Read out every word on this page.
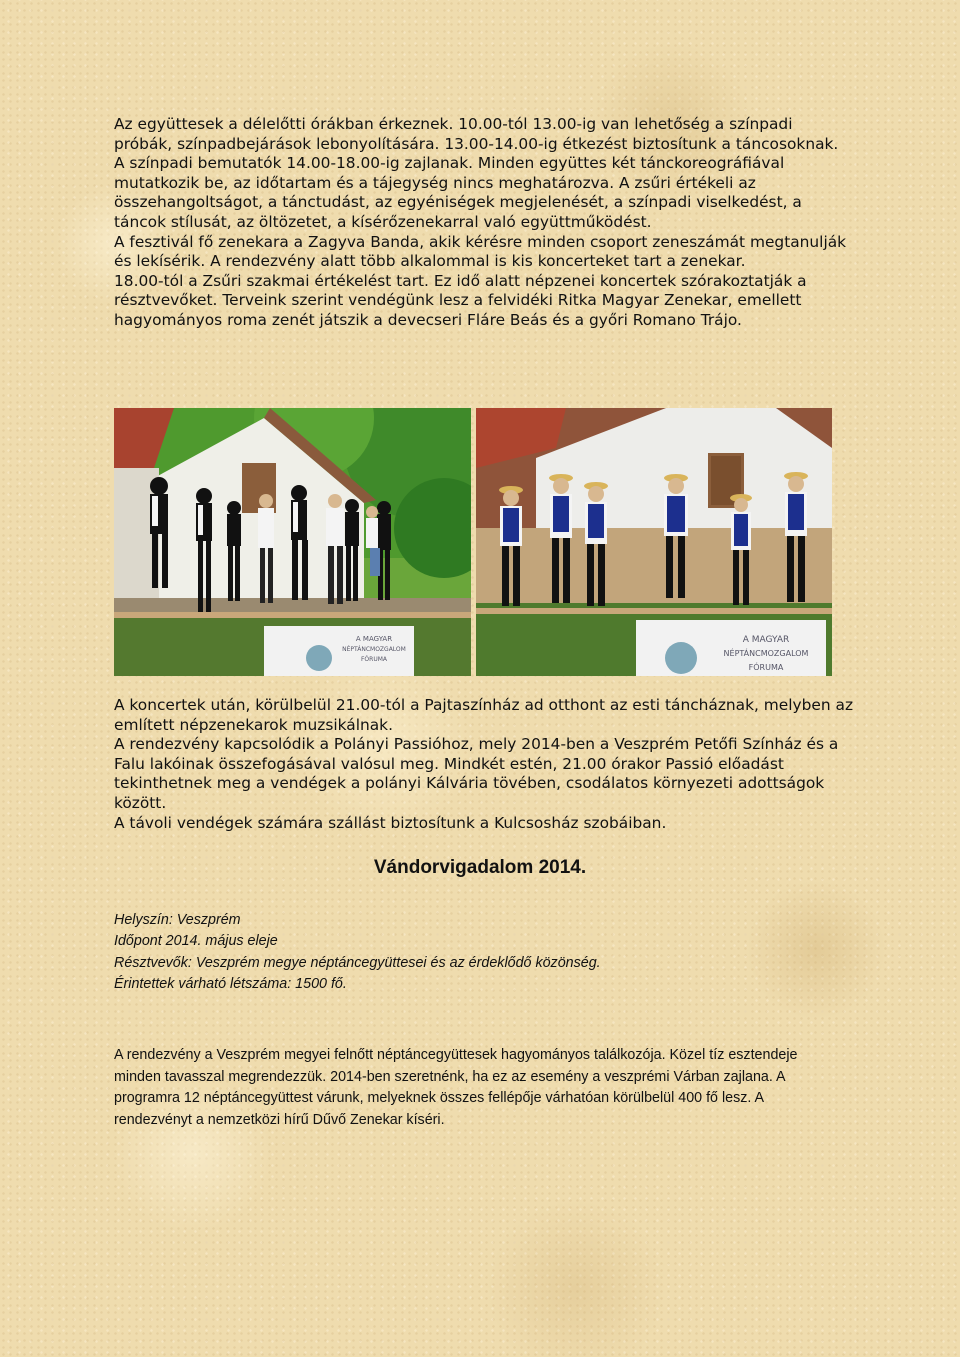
Az együttesek a délelőtti órákban érkeznek. 10.00-tól 13.00-ig van lehetőség a színpadi próbák, színpadbejárások lebonyolítására. 13.00-14.00-ig étkezést biztosítunk a táncosoknak.

A színpadi bemutatók 14.00-18.00-ig zajlanak. Minden együttes két tánckoreográfiával mutatkozik be, az időtartam és a tájegység nincs meghatározva. A zsűri értékeli az összehangoltságot, a tánctudást, az egyéniségek megjelenését, a színpadi viselkedést, a táncok stílusát, az öltözetet, a kísérőzenekarral való együttműködést.

A fesztivál fő zenekara a Zagyva Banda, akik kérésre minden csoport zeneszámát megtanulják és lekísérik. A rendezvény alatt több alkalommal is kis koncerteket tart a zenekar.

18.00-tól a Zsűri szakmai értékelést tart. Ez idő alatt népzenei koncertek szórakoztatják a résztvevőket. Terveink szerint vendégünk lesz a felvidéki Ritka Magyar Zenekar, emellett hagyományos roma zenét játszik a devecseri Fláre Beás és a győri Romano Trájo.

A MAGYAR
NÉPTÁNCMOZGALOM
FÓRUMA
A MAGYAR
NÉPTÁNCMOZGALOM
FÓRUMA

A koncertek után, körülbelül 21.00-tól a Pajtaszínház ad otthont az esti táncháznak, melyben az említett népzenekarok muzsikálnak.

A rendezvény kapcsolódik a Polányi Passióhoz, mely 2014-ben a Veszprém Petőfi Színház és a Falu lakóinak összefogásával valósul meg. Mindkét estén, 21.00 órakor Passió előadást tekinthetnek meg a vendégek a polányi Kálvária tövében, csodálatos környezeti adottságok között.

A távoli vendégek számára szállást biztosítunk a Kulcsosház szobáiban.

Vándorvigadalom 2014.

Helyszín: Veszprém

Időpont 2014. május eleje

Résztvevők: Veszprém megye néptáncegyüttesei és az érdeklődő közönség.

Érintettek várható létszáma: 1500 fő.

A rendezvény a Veszprém megyei felnőtt néptáncegyüttesek hagyományos találkozója. Közel tíz esztendeje minden tavasszal megrendezzük. 2014-ben szeretnénk, ha ez az esemény a veszprémi Várban zajlana. A programra 12 néptáncegyüttest várunk, melyeknek összes fellépője várhatóan körülbelül 400 fő lesz. A rendezvényt a nemzetközi hírű Dűvő Zenekar kíséri.
